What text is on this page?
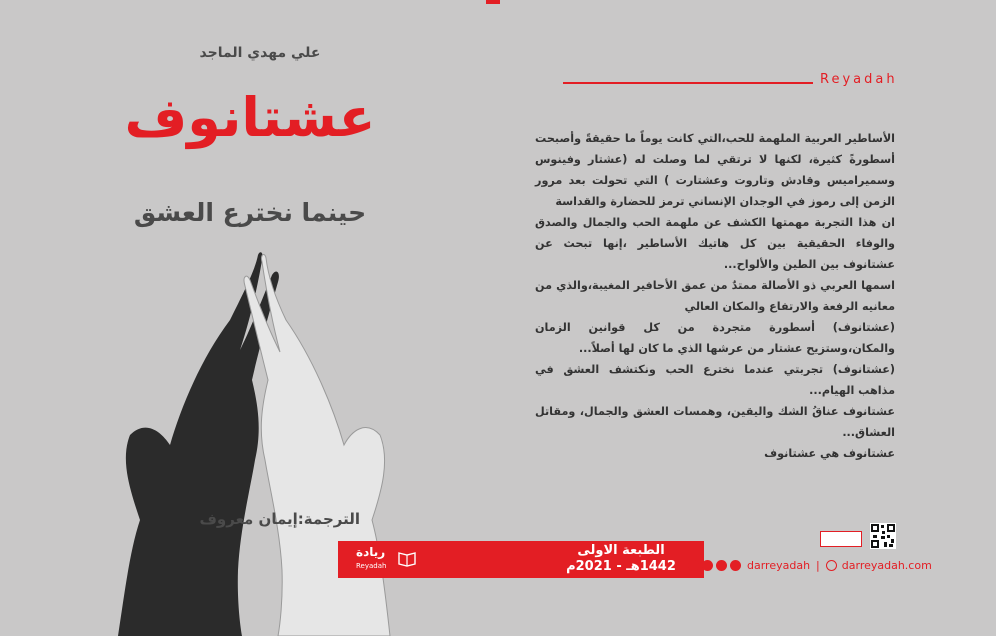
علي مهدي الماجد
عشتانوف
حينما نخترع العشق
الترجمة:إيمان معروف
Reyadah

الأساطير العربية الملهمة للحب،التي كانت يوماً ما حقيقةً وأصبحت أسطورةً كثيرة، لكنها لا ترتقي لما وصلت له (عشتار وفينوس وسميراميس وقادش وتاروت وعشتارت ) التي تحولت بعد مرور الزمن إلى رموز في الوجدان الإنساني ترمز للحضارة والقداسة

ان هذا التجربة مهمتها الكشف عن ملهمة الحب والجمال والصدق والوفاء الحقيقية بين كل هاتيك الأساطير ،إنها تبحث عن عشتانوف بين الطين والألواح...

اسمها العربي ذو الأصالة ممتدٌ من عمق الأحافير المغيبة،والذي من معانيه الرفعة والارتفاع والمكان العالي

(عشتانوف) أسطورة متجردة من كل قوانين الزمان والمكان،وستزيح عشتار من عرشها الذي ما كان لها أصلاً...

(عشتانوف) تجربتي عندما نخترع الحب ونكتشف العشق في مذاهب الهيام...

عشتانوف عناقُ الشك واليقين، وهمسات العشق والجمال، ومقاتل العشاق...

عشتانوف هي عشتانوف

ريادة
Reyadah
الطبعة الاولى
1442هـ - 2021م	darreyadah | darreyadah.com
